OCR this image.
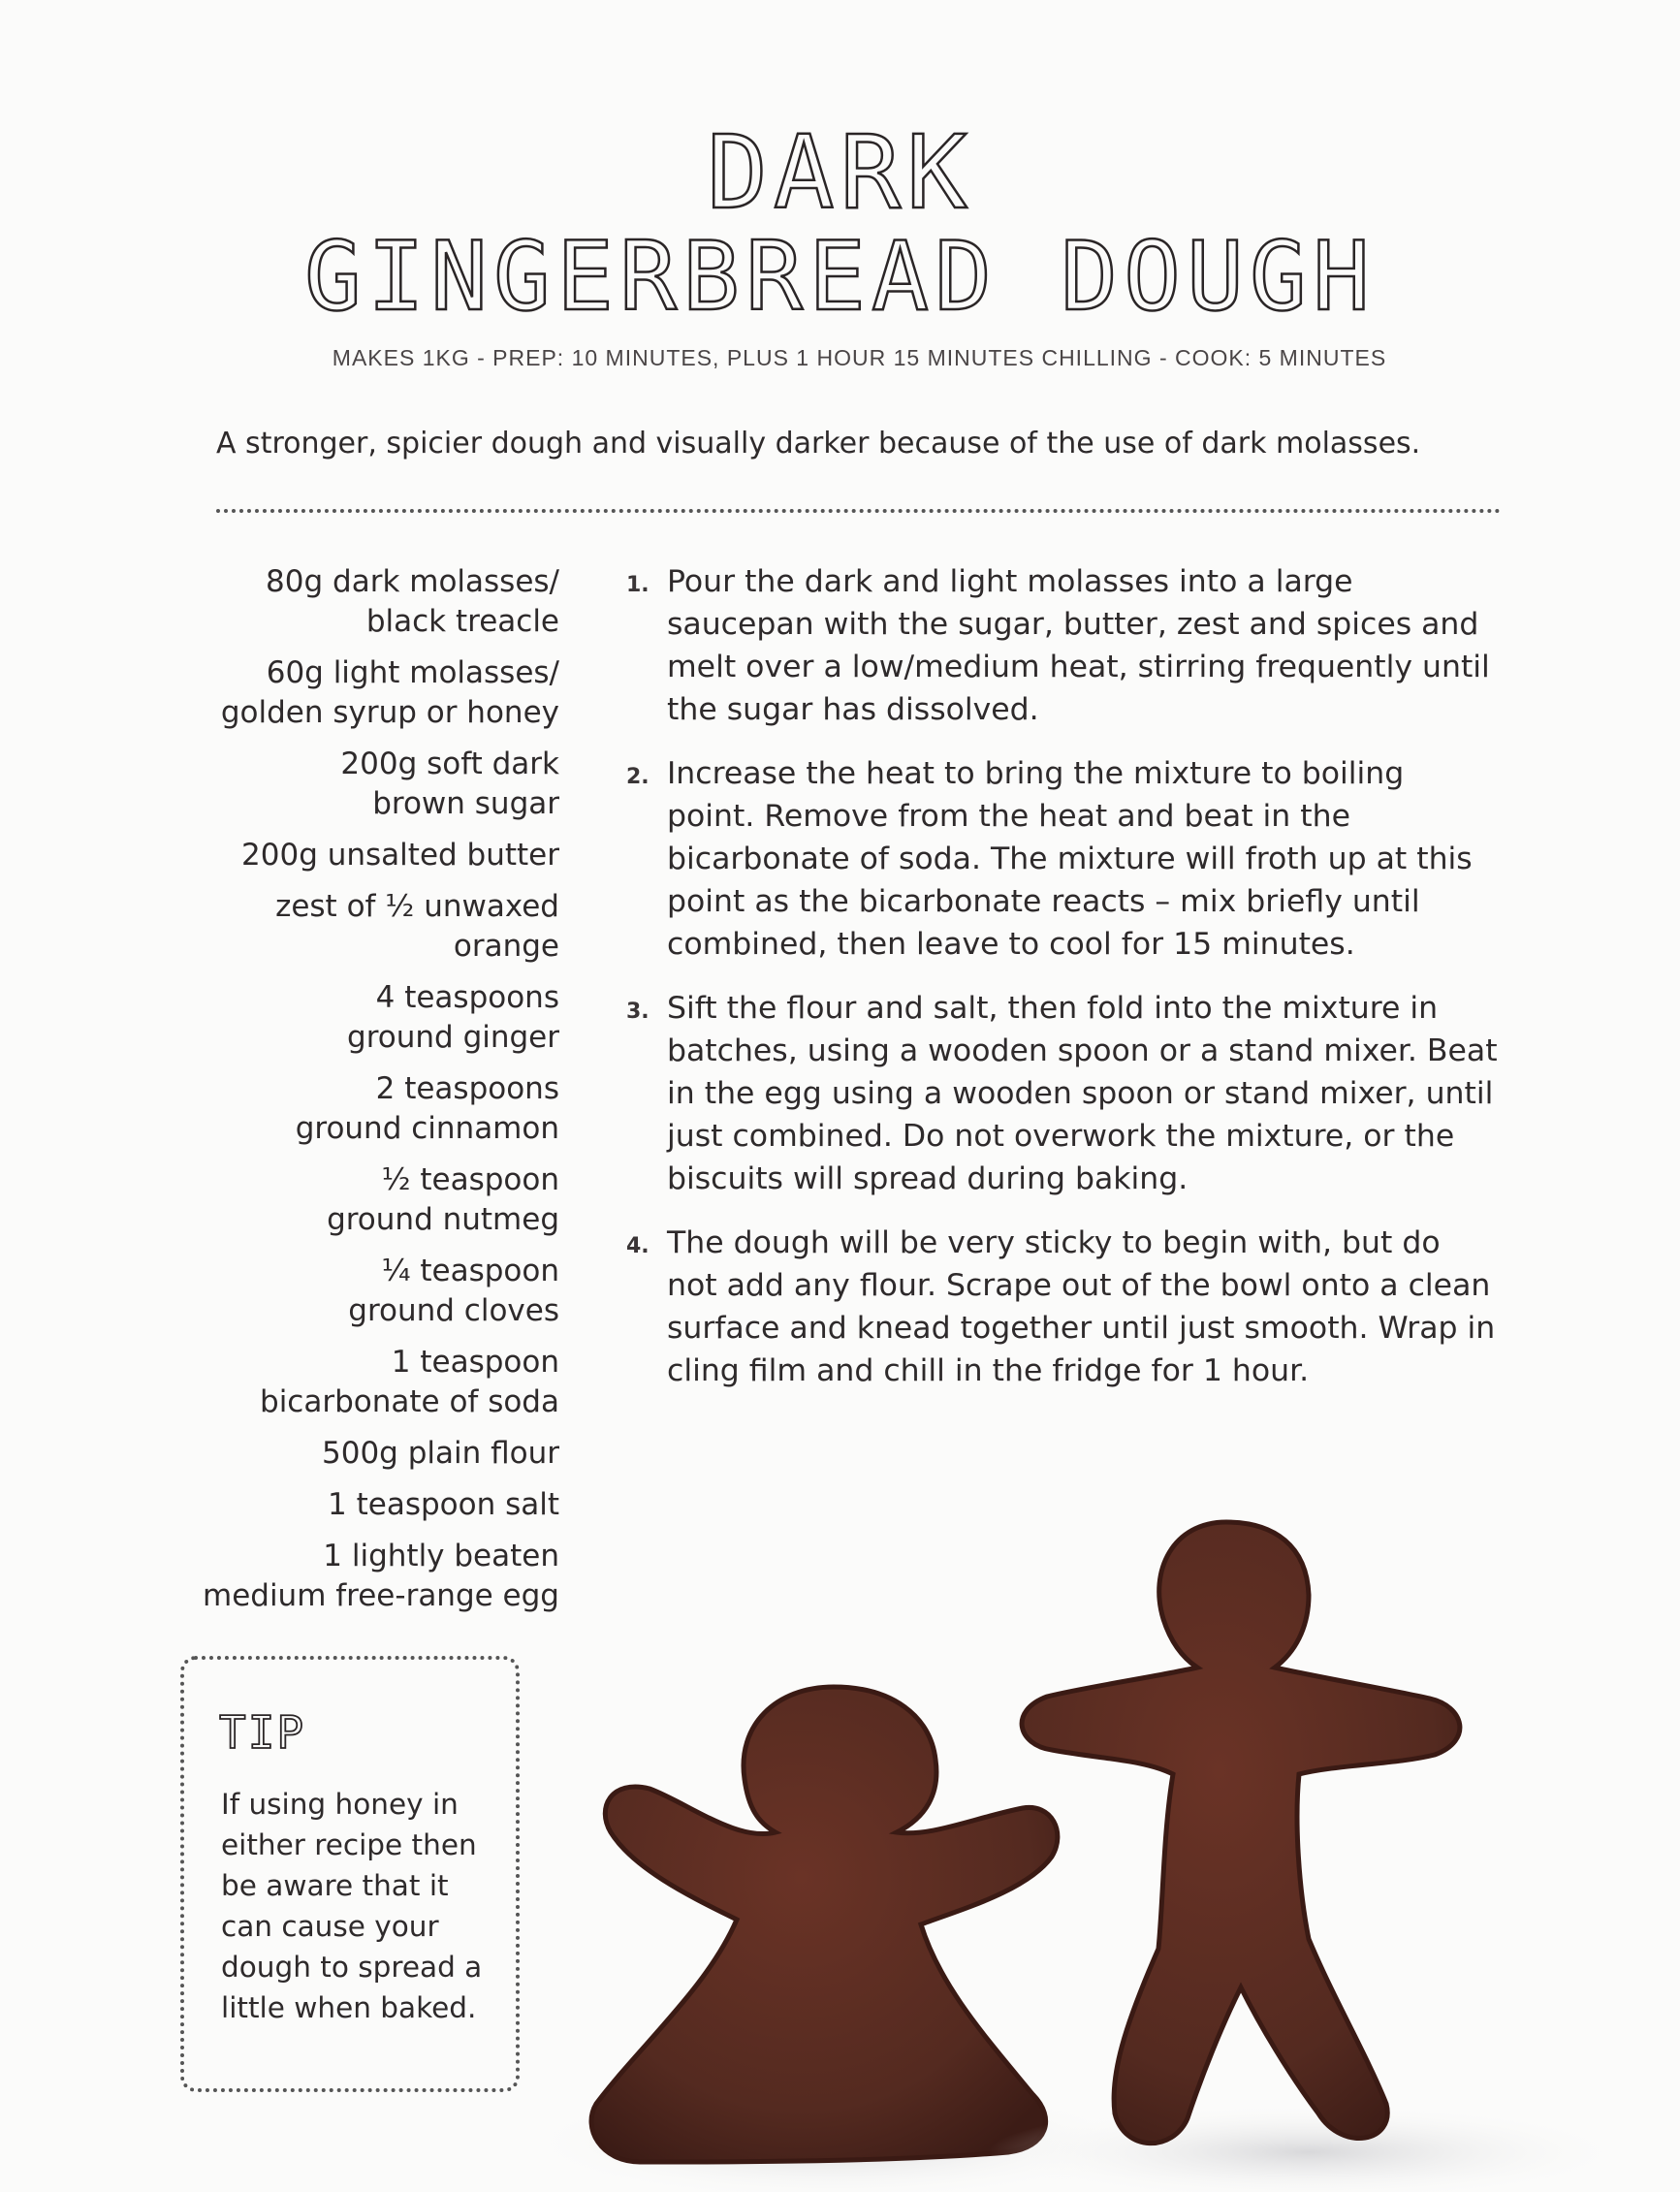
DARK
GINGERBREAD DOUGH
MAKES 1KG - PREP: 10 MINUTES, PLUS 1 HOUR 15 MINUTES CHILLING - COOK: 5 MINUTES
A stronger, spicier dough and visually darker because of the use of dark molasses.
80g dark molasses/
black treacle
60g light molasses/
golden syrup or honey
200g soft dark
brown sugar
200g unsalted butter
zest of ½ unwaxed
orange
4 teaspoons
ground ginger
2 teaspoons
ground cinnamon
½ teaspoon
ground nutmeg
¼ teaspoon
ground cloves
1 teaspoon
bicarbonate of soda
500g plain flour
1 teaspoon salt
1 lightly beaten
medium free-range egg
1. Pour the dark and light molasses into a large saucepan with the sugar, butter, zest and spices and melt over a low/medium heat, stirring frequently until the sugar has dissolved.
2. Increase the heat to bring the mixture to boiling point. Remove from the heat and beat in the bicarbonate of soda. The mixture will froth up at this point as the bicarbonate reacts – mix briefly until combined, then leave to cool for 15 minutes.
3. Sift the flour and salt, then fold into the mixture in batches, using a wooden spoon or a stand mixer. Beat in the egg using a wooden spoon or stand mixer, until just combined. Do not overwork the mixture, or the biscuits will spread during baking.
4. The dough will be very sticky to begin with, but do not add any flour. Scrape out of the bowl onto a clean surface and knead together until just smooth. Wrap in cling film and chill in the fridge for 1 hour.
TIP
If using honey in either recipe then be aware that it can cause your dough to spread a little when baked.
